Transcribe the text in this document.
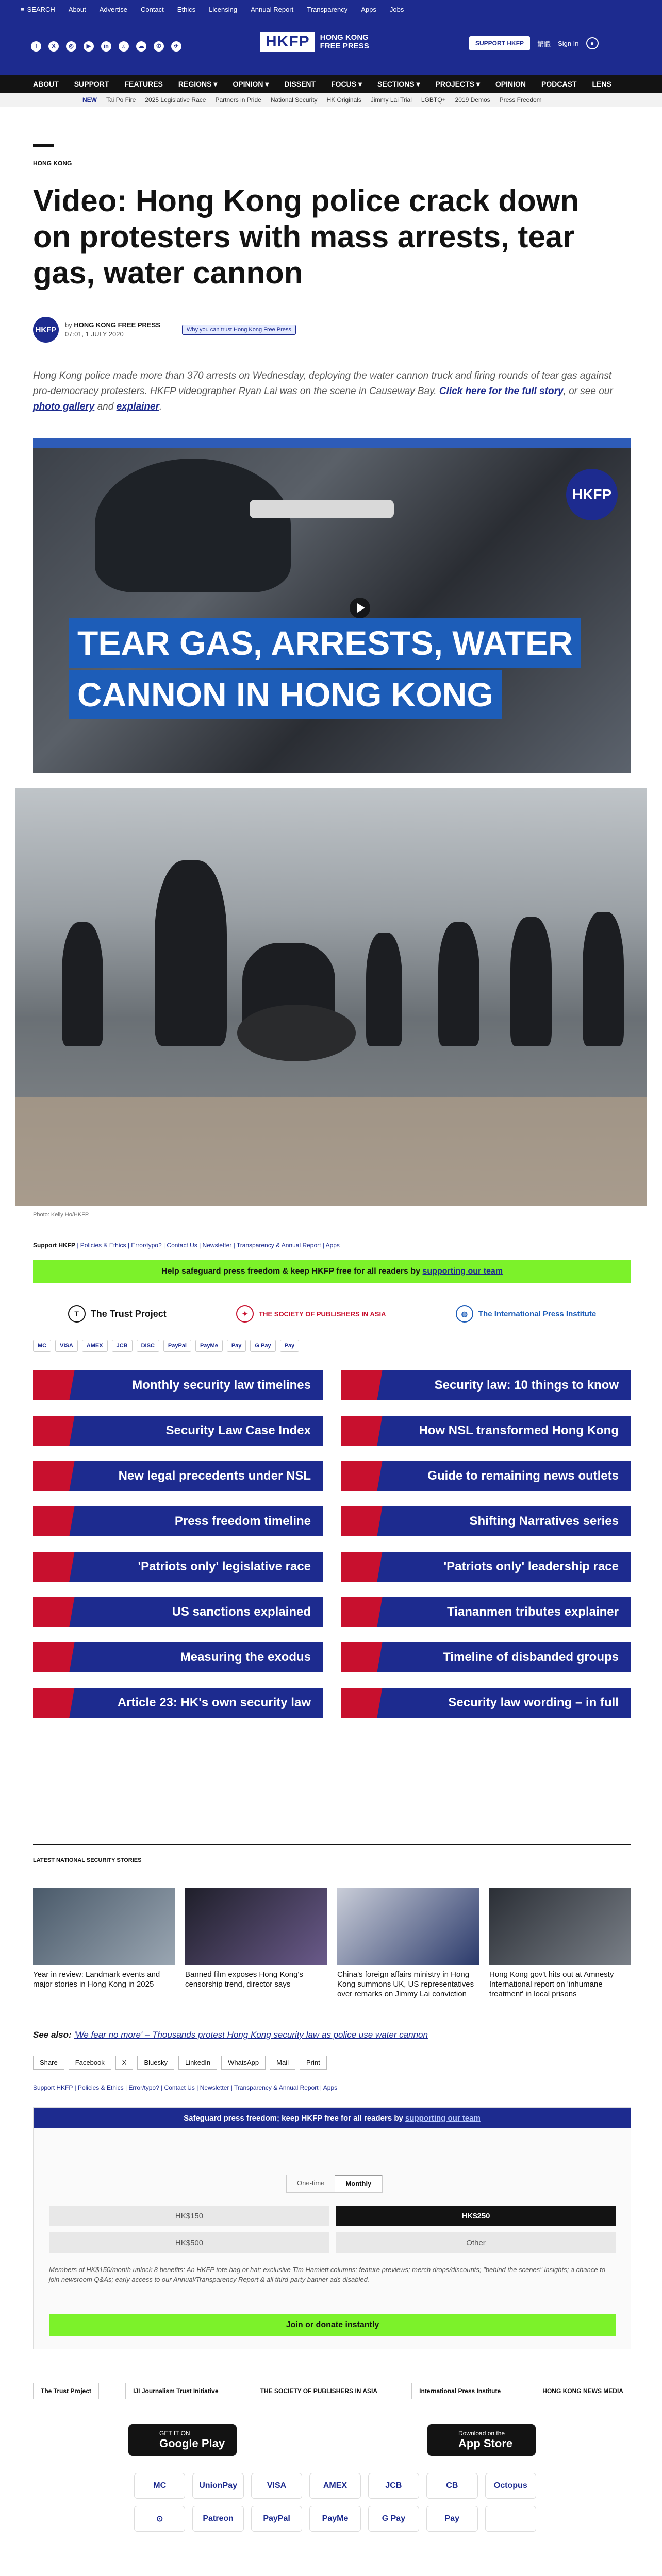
≡ SEARCH About Advertise Contact Ethics Licensing Annual Report Transparency Apps Jobs
f	X	◎	▶	in	♫	☁	✆	✈	HKFP	HONG KONG
FREE PRESS	SUPPORT HKFP	繁體 Sign In	●
ABOUT SUPPORT FEATURES REGIONS ▾ OPINION ▾ DISSENT FOCUS ▾ SECTIONS ▾ PROJECTS ▾ OPINION PODCAST LENS
NEW Tai Po Fire 2025 Legislative Race Partners in Pride National Security HK Originals Jimmy Lai Trial LGBTQ+ 2019 Demos Press Freedom
HONG KONG
Video: Hong Kong police crack down on protesters with mass arrests, tear gas, water cannon
HKFP
by HONG KONG FREE PRESS
07:01, 1 JULY 2020
Why you can trust Hong Kong Free Press

Hong Kong police made more than 370 arrests on Wednesday, deploying the water cannon truck and firing rounds of tear gas against pro-democracy protesters. HKFP videographer Ryan Lai was on the scene in Causeway Bay. Click here for the full story, or see our photo gallery and explainer.

HKFP
TEAR GAS, ARRESTS, WATER
CANNON IN HONG KONG
Photo: Kelly Ho/HKFP.
Support HKFP | Policies & Ethics | Error/typo? | Contact Us | Newsletter | Transparency & Annual Report | Apps
Help safeguard press freedom & keep HKFP free for all readers by
supporting our team
T	The Trust Project	✦	THE SOCIETY OF PUBLISHERS IN ASIA	◍	The International Press Institute
MC	VISA	AMEX	JCB	DISC	PayPal	PayMe	Pay	G Pay	Pay
Monthly security law timelines	Security law: 10 things to know
Security Law Case Index	How NSL transformed Hong Kong
New legal precedents under NSL	Guide to remaining news outlets
Press freedom timeline	Shifting Narratives series
'Patriots only' legislative race	'Patriots only' leadership race
US sanctions explained	Tiananmen tributes explainer
Measuring the exodus	Timeline of disbanded groups
Article 23: HK's own security law	Security law wording – in full
LATEST NATIONAL SECURITY STORIES
Year in review: Landmark events and major stories in Hong Kong in 2025
Banned film exposes Hong Kong's censorship trend, director says
China's foreign affairs ministry in Hong Kong summons UK, US representatives over remarks on Jimmy Lai conviction
Hong Kong gov't hits out at Amnesty International report on 'inhumane treatment' in local prisons
See also: 'We fear no more' – Thousands protest Hong Kong security law as police use water cannon
Share	Facebook	X	Bluesky	LinkedIn	WhatsApp	Mail	Print
Support HKFP | Policies & Ethics | Error/typo? | Contact Us | Newsletter | Transparency & Annual Report | Apps
Safeguard press freedom; keep HKFP free for all readers by
supporting our team
One-time	Monthly
HK$150	HK$250
HK$500	Other

Members of HK$150/month unlock 8 benefits: An HKFP tote bag or hat; exclusive Tim Hamlett columns; feature previews; merch drops/discounts; "behind the scenes" insights; a chance to join newsroom Q&As; early access to our Annual/Transparency Report & all third-party banner ads disabled.

Join or donate instantly
The Trust Project	IJI Journalism Trust Initiative	THE SOCIETY OF PUBLISHERS IN ASIA	International Press Institute	HONG KONG NEWS MEDIA
GET IT ON
Google Play
Download on the
App Store
MC	UnionPay	VISA	AMEX	JCB	CB	Octopus
⊙	Patreon	PayPal	PayMe	G Pay	Pay
